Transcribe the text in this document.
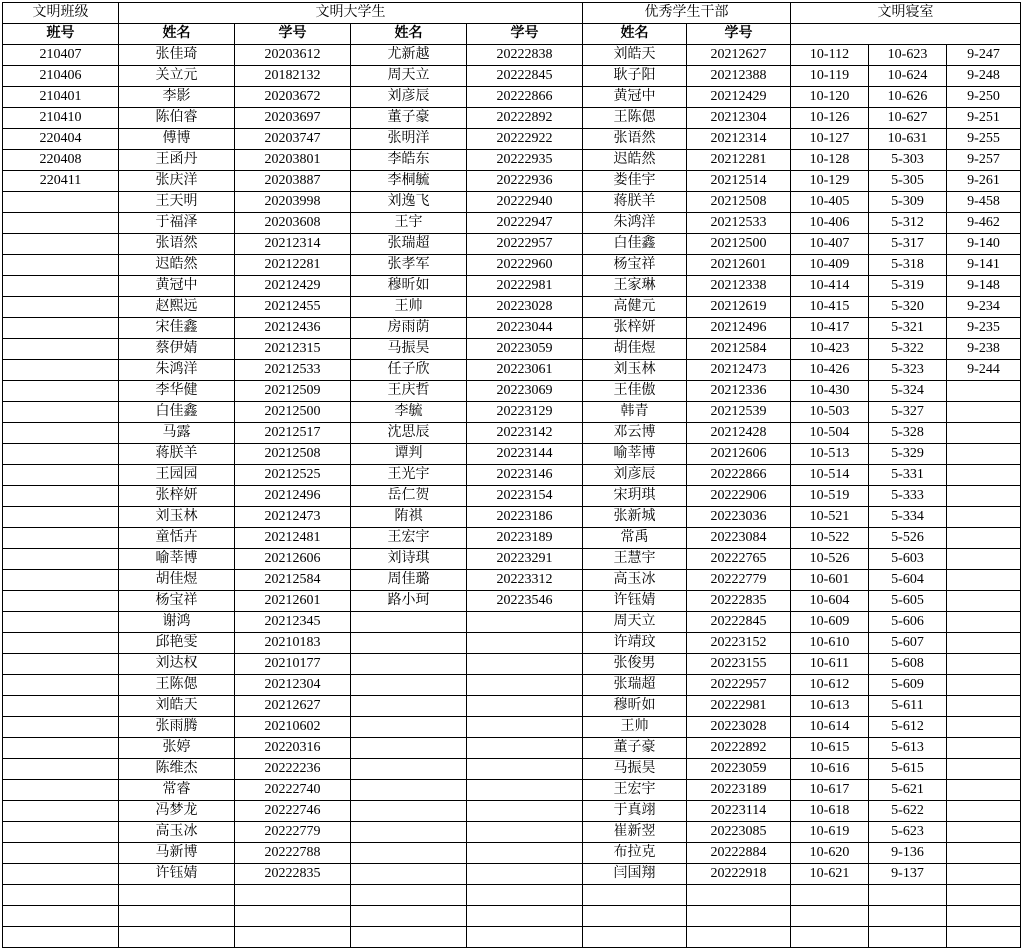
文明班级	文明大学生				优秀学生干部		文明寝室		
班号	姓名	学号	姓名	学号	姓名	学号			
210407	张佳琦	20203612	尤新越	20222838	刘皓天	20212627	10-112	10-623	9-247
210406	关立元	20182132	周天立	20222845	耿子阳	20212388	10-119	10-624	9-248
210401	李影	20203672	刘彦辰	20222866	黄冠中	20212429	10-120	10-626	9-250
210410	陈伯睿	20203697	董子豪	20222892	王陈偲	20212304	10-126	10-627	9-251
220404	傅博	20203747	张明洋	20222922	张语然	20212314	10-127	10-631	9-255
220408	王函丹	20203801	李皓东	20222935	迟皓然	20212281	10-128	5-303	9-257
220411	张庆洋	20203887	李桐毓	20222936	娄佳宇	20212514	10-129	5-305	9-261
	王天明	20203998	刘逸飞	20222940	蒋朕羊	20212508	10-405	5-309	9-458
	于福泽	20203608	王宇	20222947	朱鸿洋	20212533	10-406	5-312	9-462
	张语然	20212314	张瑞超	20222957	白佳鑫	20212500	10-407	5-317	9-140
	迟皓然	20212281	张孝军	20222960	杨宝祥	20212601	10-409	5-318	9-141
	黄冠中	20212429	穆昕如	20222981	王家琳	20212338	10-414	5-319	9-148
	赵熙远	20212455	王帅	20223028	高健元	20212619	10-415	5-320	9-234
	宋佳鑫	20212436	房雨荫	20223044	张梓妍	20212496	10-417	5-321	9-235
	蔡伊婧	20212315	马振昊	20223059	胡佳煜	20212584	10-423	5-322	9-238
	朱鸿洋	20212533	任子欣	20223061	刘玉林	20212473	10-426	5-323	9-244
	李华健	20212509	王庆哲	20223069	王佳傲	20212336	10-430	5-324	
	白佳鑫	20212500	李毓	20223129	韩青	20212539	10-503	5-327	
	马露	20212517	沈思辰	20223142	邓云博	20212428	10-504	5-328	
	蒋朕羊	20212508	谭判	20223144	喻莘博	20212606	10-513	5-329	
	王园园	20212525	王光宇	20223146	刘彦辰	20222866	10-514	5-331	
	张梓妍	20212496	岳仁贺	20223154	宋玥琪	20222906	10-519	5-333	
	刘玉林	20212473	陏祺	20223186	张新城	20223036	10-521	5-334	
	童恬卉	20212481	王宏宇	20223189	常禹	20223084	10-522	5-526	
	喻莘博	20212606	刘诗琪	20223291	王慧宇	20222765	10-526	5-603	
	胡佳煜	20212584	周佳璐	20223312	高玉冰	20222779	10-601	5-604	
	杨宝祥	20212601	路小珂	20223546	许钰婧	20222835	10-604	5-605	
	谢鸿	20212345			周天立	20222845	10-609	5-606	
	邱艳雯	20210183			许靖玟	20223152	10-610	5-607	
	刘达权	20210177			张俊男	20223155	10-611	5-608	
	王陈偲	20212304			张瑞超	20222957	10-612	5-609	
	刘皓天	20212627			穆昕如	20222981	10-613	5-611	
	张雨腾	20210602			王帅	20223028	10-614	5-612	
	张婷	20220316			董子豪	20222892	10-615	5-613	
	陈维杰	20222236			马振昊	20223059	10-616	5-615	
	常睿	20222740			王宏宇	20223189	10-617	5-621	
	冯梦龙	20222746			于真翊	20223114	10-618	5-622	
	高玉冰	20222779			崔新翌	20223085	10-619	5-623	
	马新博	20222788			布拉克	20222884	10-620	9-136	
	许钰婧	20222835			闫国翔	20222918	10-621	9-137	
